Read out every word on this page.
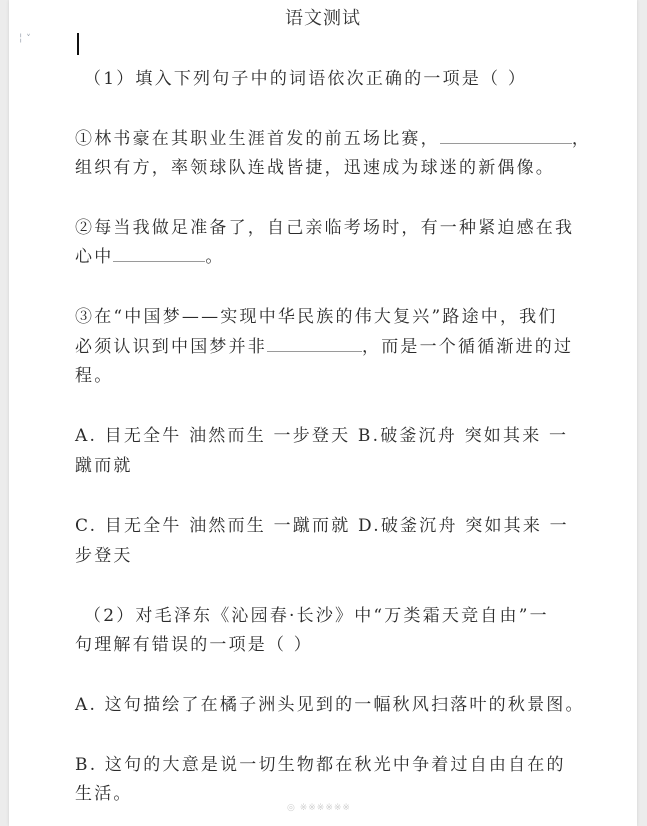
语文测试
╎ ˅
（1）填入下列句子中的词语依次正确的一项是（ ）
①林书豪在其职业生涯首发的前五场比赛，	，
组织有方，率领球队连战皆捷，迅速成为球迷的新偶像。
②每当我做足准备了，自己亲临考场时，有一种紧迫感在我
心中	。
③在“中国梦——实现中华民族的伟大复兴”路途中，我们
必须认识到中国梦并非	，而是一个循循渐进的过
程。
A. 目无全牛 油然而生 一步登天 B.破釜沉舟 突如其来 一
蹴而就
C. 目无全牛 油然而生 一蹴而就 D.破釜沉舟 突如其来 一
步登天
（2）对毛泽东《沁园春·长沙》中“万类霜天竞自由”一
句理解有错误的一项是（ ）
A. 这句描绘了在橘子洲头见到的一幅秋风扫落叶的秋景图。
B. 这句的大意是说一切生物都在秋光中争着过自由自在的
生活。
◎ ※※※※※※
